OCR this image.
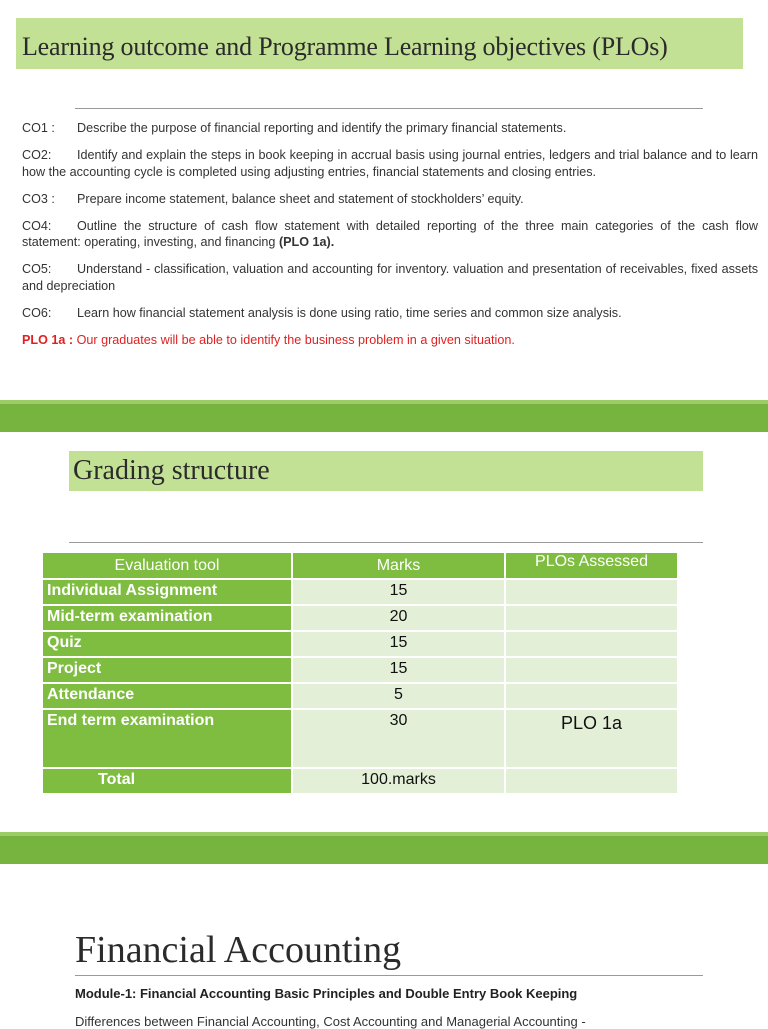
Learning outcome and Programme Learning objectives (PLOs)

CO1 : Describe the purpose of financial reporting and identify the primary financial statements.

CO2: Identify and explain the steps in book keeping in accrual basis using journal entries, ledgers and trial balance and to learn how the accounting cycle is completed using adjusting entries, financial statements and closing entries.

CO3 : Prepare income statement, balance sheet and statement of stockholders’ equity.

CO4: Outline the structure of cash flow statement with detailed reporting of the three main categories of the cash flow statement: operating, investing, and financing (PLO 1a).

CO5: Understand - classification, valuation and accounting for inventory. valuation and presentation of receivables, fixed assets and depreciation

CO6: Learn how financial statement analysis is done using ratio, time series and common size analysis.

PLO 1a : Our graduates will be able to identify the business problem in a given situation.

Grading structure
Evaluation tool	Marks	PLOs Assessed
Individual Assignment	15	
Mid-term examination	20	
Quiz	15	
Project	15	
Attendance	5	
End term examination	30	PLO 1a
Total	100.marks	
Financial Accounting
Module-1: Financial Accounting Basic Principles and Double Entry Book Keeping
Differences between Financial Accounting, Cost Accounting and Managerial Accounting -
